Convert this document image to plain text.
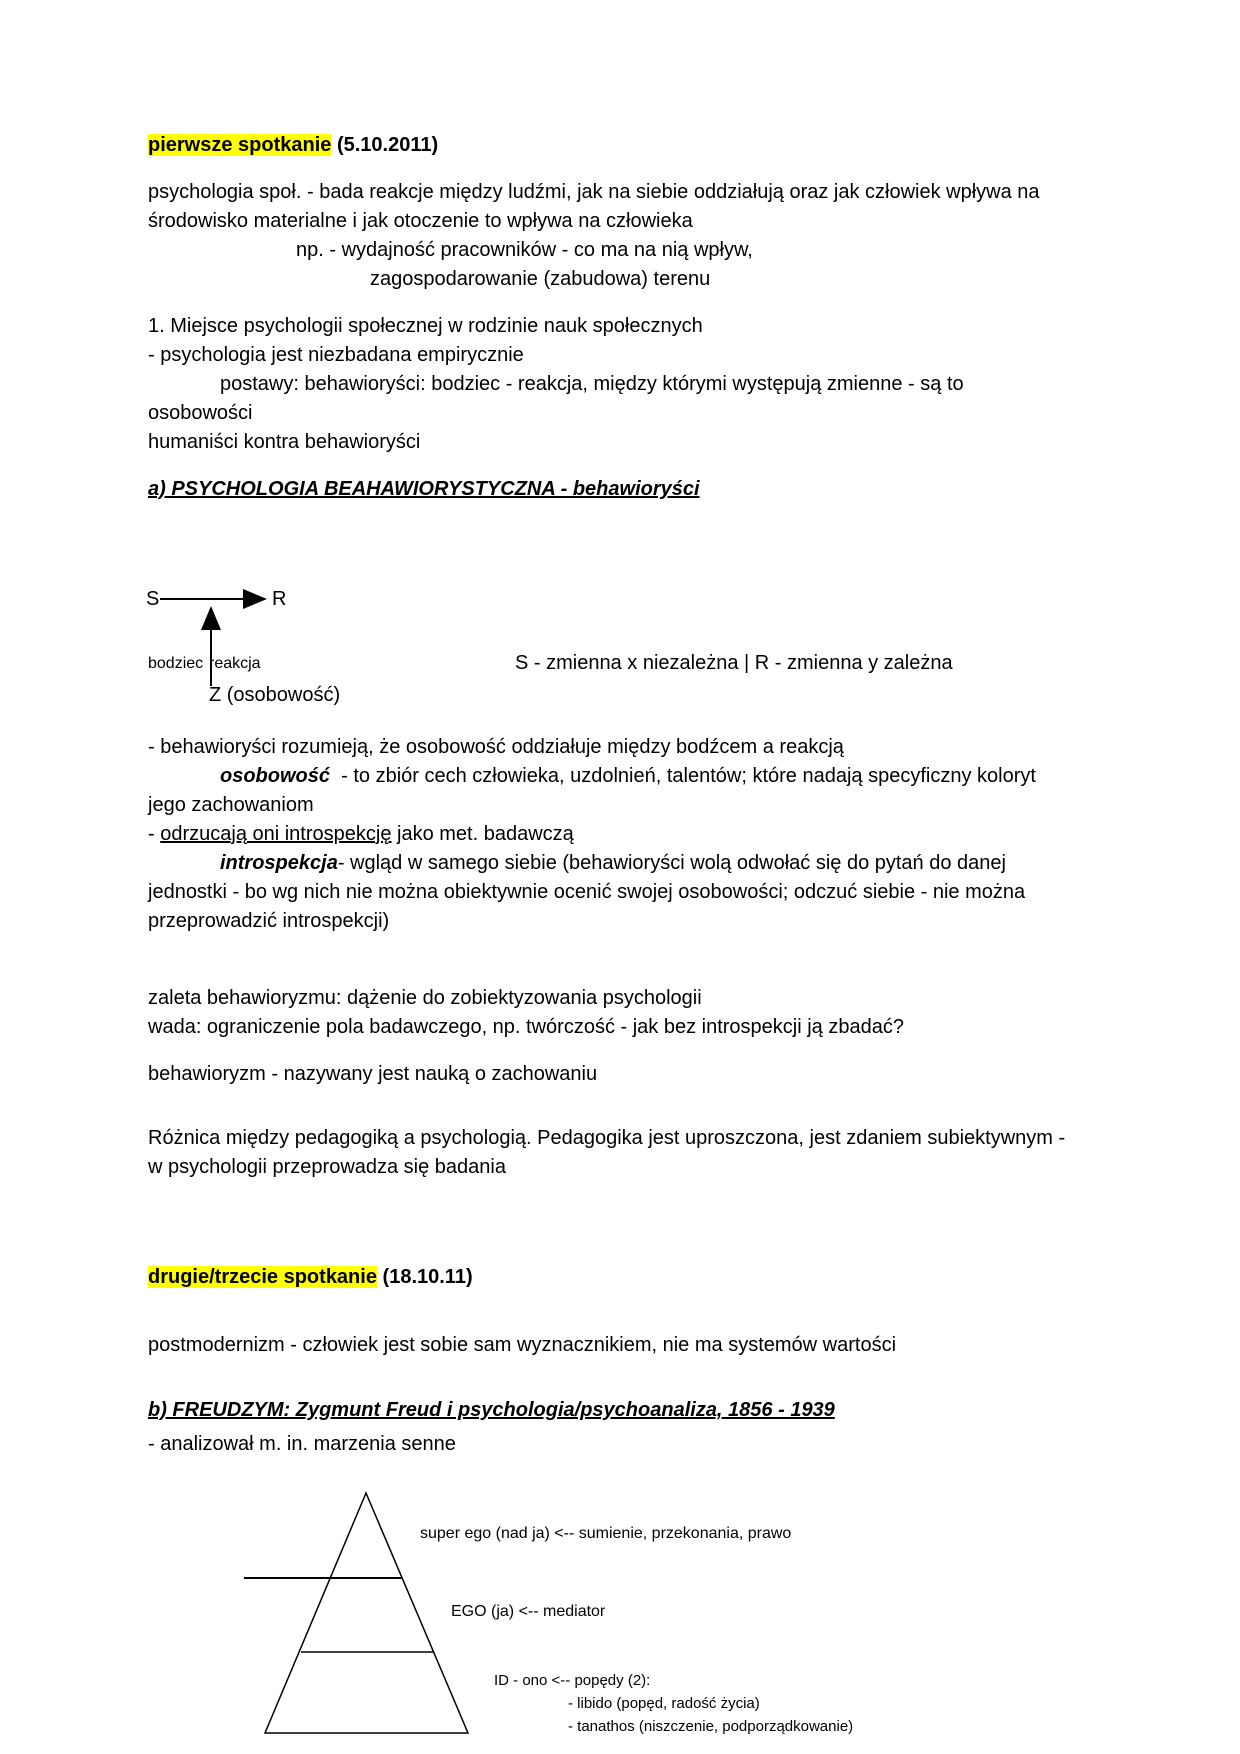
pierwsze spotkanie (5.10.2011)
psychologia społ. - bada reakcje między ludźmi, jak na siebie oddziałują oraz jak człowiek wpływa na
środowisko materialne i jak otoczenie to wpływa na człowieka
np. - wydajność pracowników - co ma na nią wpływ,
zagospodarowanie (zabudowa) terenu
1. Miejsce psychologii społecznej w rodzinie nauk społecznych
- psychologia jest niezbadana empirycznie
postawy: behawioryści: bodziec - reakcja, między którymi występują zmienne - są to
osobowości
humaniści kontra behawioryści
a) PSYCHOLOGIA BEAHAWIORYSTYCZNA - behawioryści
S	R
bodziec reakcja
Z (osobowość)
S - zmienna x niezależna | R - zmienna y zależna
- behawioryści rozumieją, że osobowość oddziałuje między bodźcem a reakcją
osobowość  - to zbiór cech człowieka, uzdolnień, talentów; które nadają specyficzny koloryt
jego zachowaniom
- odrzucają oni introspekcję jako met. badawczą
introspekcja- wgląd w samego siebie (behawioryści wolą odwołać się do pytań do danej
jednostki - bo wg nich nie można obiektywnie ocenić swojej osobowości; odczuć siebie - nie można
przeprowadzić introspekcji)
zaleta behawioryzmu: dążenie do zobiektyzowania psychologii
wada: ograniczenie pola badawczego, np. twórczość - jak bez introspekcji ją zbadać?
behawioryzm - nazywany jest nauką o zachowaniu
Różnica między pedagogiką a psychologią. Pedagogika jest uproszczona, jest zdaniem subiektywnym -
w psychologii przeprowadza się badania
drugie/trzecie spotkanie (18.10.11)
postmodernizm - człowiek jest sobie sam wyznacznikiem, nie ma systemów wartości
b) FREUDZYM: Zygmunt Freud i psychologia/psychoanaliza, 1856 - 1939
- analizował m. in. marzenia senne
super ego (nad ja) <-- sumienie, przekonania, prawo
EGO (ja) <-- mediator
ID - ono <-- popędy (2):
- libido (popęd, radość życia)
- tanathos (niszczenie, podporządkowanie)
